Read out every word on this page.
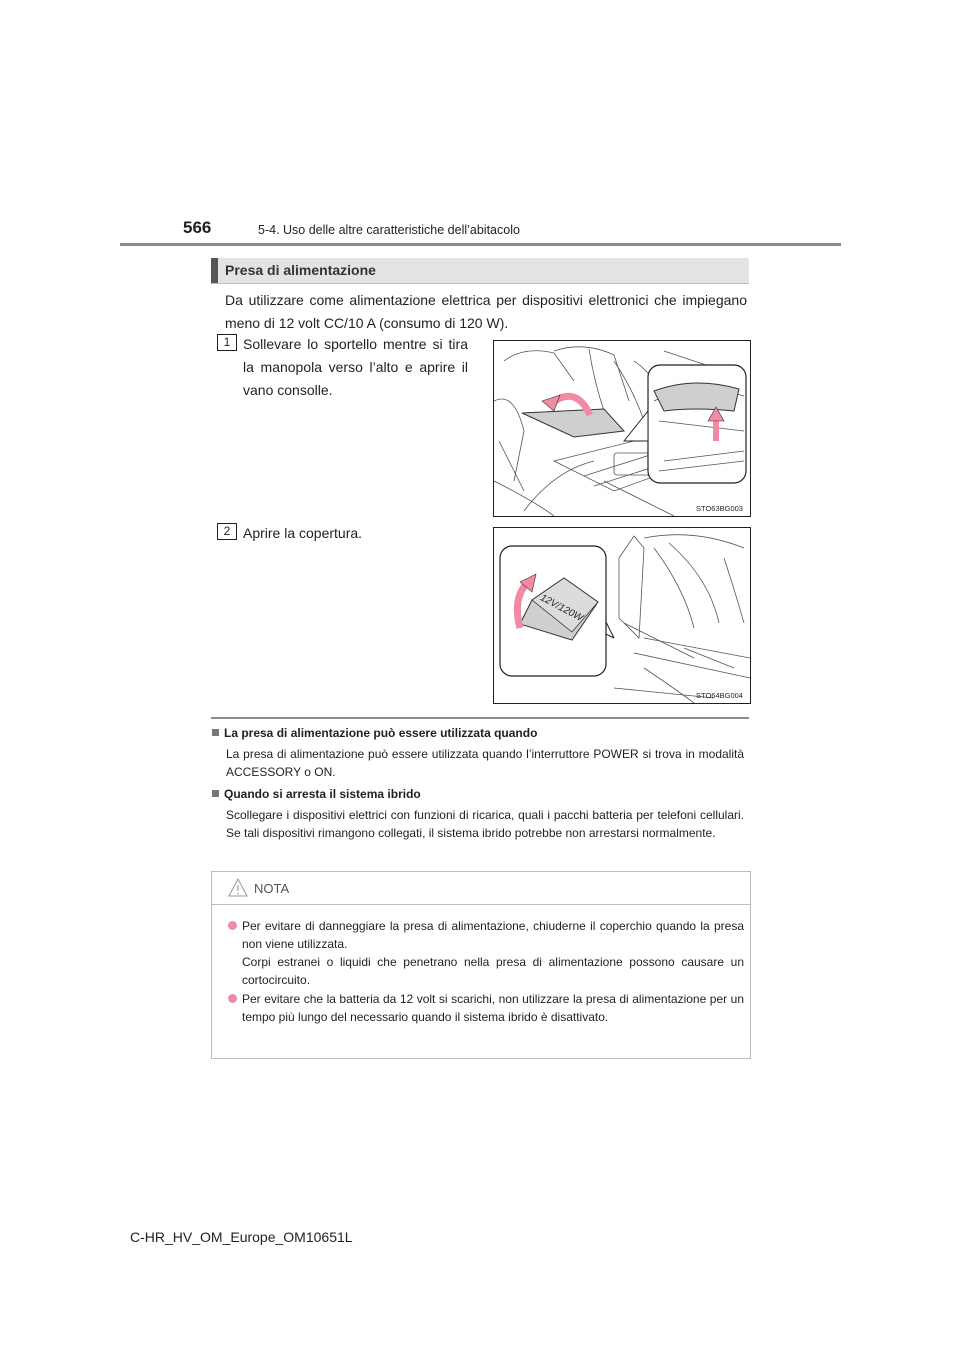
566	5-4. Uso delle altre caratteristiche dell’abitacolo
Presa di alimentazione
Da utilizzare come alimentazione elettrica per dispositivi elettronici che impiegano meno di 12 volt CC/10 A (consumo di 120 W).
1 Sollevare lo sportello mentre si tira la manopola verso l’alto e aprire il vano consolle.
STO63BG003
2 Aprire la copertura.
12V/120W
STO64BG004
La presa di alimentazione può essere utilizzata quando
La presa di alimentazione può essere utilizzata quando l’interruttore POWER si trova in modalità ACCESSORY o ON.
Quando si arresta il sistema ibrido
Scollegare i dispositivi elettrici con funzioni di ricarica, quali i pacchi batteria per telefoni cellulari. Se tali dispositivi rimangono collegati, il sistema ibrido potrebbe non arrestarsi normalmente.
NOTA
Per evitare di danneggiare la presa di alimentazione, chiuderne il coperchio quando la presa non viene utilizzata.
Corpi estranei o liquidi che penetrano nella presa di alimentazione possono causare un cortocircuito.
Per evitare che la batteria da 12 volt si scarichi, non utilizzare la presa di alimentazione per un tempo più lungo del necessario quando il sistema ibrido è disattivato.
C-HR_HV_OM_Europe_OM10651L
